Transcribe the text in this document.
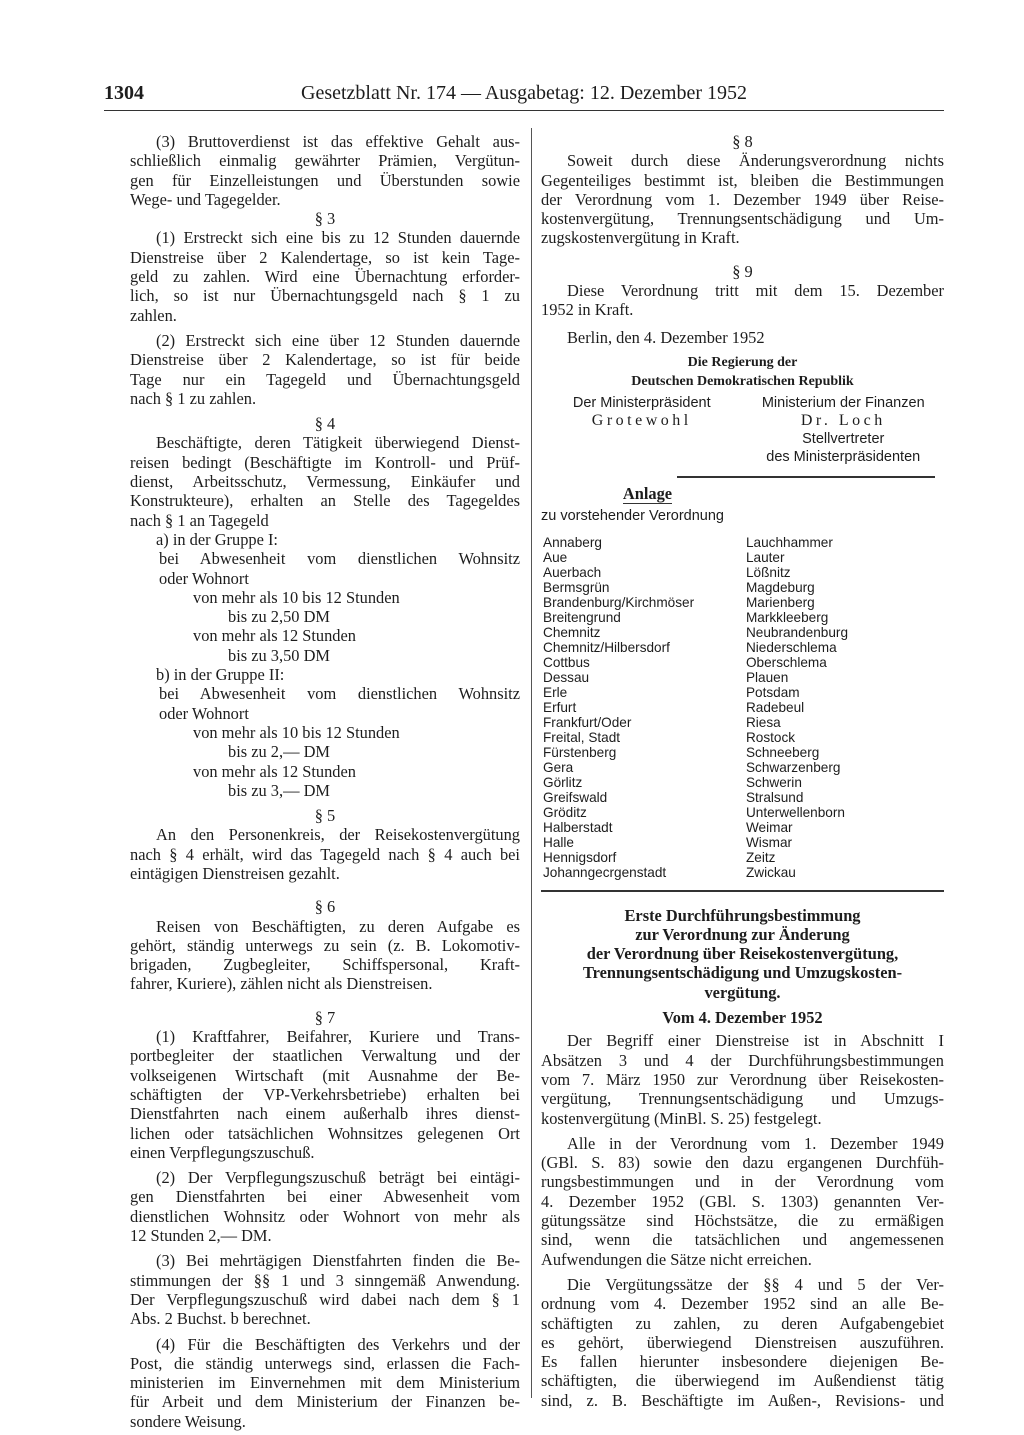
1304	Gesetzblatt Nr. 174 — Ausgabetag: 12. Dezember 1952

(3) Bruttoverdienst ist das effektive Gehalt aus-

schließlich einmalig gewährter Prämien, Vergütun-

gen für Einzelleistungen und Überstunden sowie

Wege- und Tagegelder.

§ 3

(1) Erstreckt sich eine bis zu 12 Stunden dauernde

Dienstreise über 2 Kalendertage, so ist kein Tage-

geld zu zahlen. Wird eine Übernachtung erforder-

lich, so ist nur Übernachtungsgeld nach § 1 zu

zahlen.

(2) Erstreckt sich eine über 12 Stunden dauernde

Dienstreise über 2 Kalendertage, so ist für beide

Tage nur ein Tagegeld und Übernachtungsgeld

nach § 1 zu zahlen.

§ 4

Beschäftigte, deren Tätigkeit überwiegend Dienst-

reisen bedingt (Beschäftigte im Kontroll- und Prüf-

dienst, Arbeitsschutz, Vermessung, Einkäufer und

Konstrukteure), erhalten an Stelle des Tagegeldes

nach § 1 an Tagegeld

a) in der Gruppe I:

bei Abwesenheit vom dienstlichen Wohnsitz

oder Wohnort

von mehr als 10 bis 12 Stunden

bis zu 2,50 DM

von mehr als 12 Stunden

bis zu 3,50 DM

b) in der Gruppe II:

bei Abwesenheit vom dienstlichen Wohnsitz

oder Wohnort

von mehr als 10 bis 12 Stunden

bis zu 2,— DM

von mehr als 12 Stunden

bis zu 3,— DM

§ 5

An den Personenkreis, der Reisekostenvergütung

nach § 4 erhält, wird das Tagegeld nach § 4 auch bei

eintägigen Dienstreisen gezahlt.

§ 6

Reisen von Beschäftigten, zu deren Aufgabe es

gehört, ständig unterwegs zu sein (z. B. Lokomotiv-

brigaden, Zugbegleiter, Schiffspersonal, Kraft-

fahrer, Kuriere), zählen nicht als Dienstreisen.

§ 7

(1) Kraftfahrer, Beifahrer, Kuriere und Trans-

portbegleiter der staatlichen Verwaltung und der

volkseigenen Wirtschaft (mit Ausnahme der Be-

schäftigten der VP-Verkehrsbetriebe) erhalten bei

Dienstfahrten nach einem außerhalb ihres dienst-

lichen oder tatsächlichen Wohnsitzes gelegenen Ort

einen Verpflegungszuschuß.

(2) Der Verpflegungszuschuß beträgt bei eintägi-

gen Dienstfahrten bei einer Abwesenheit vom

dienstlichen Wohnsitz oder Wohnort von mehr als

12 Stunden 2,— DM.

(3) Bei mehrtägigen Dienstfahrten finden die Be-

stimmungen der §§ 1 und 3 sinngemäß Anwendung.

Der Verpflegungszuschuß wird dabei nach dem § 1

Abs. 2 Buchst. b berechnet.

(4) Für die Beschäftigten des Verkehrs und der

Post, die ständig unterwegs sind, erlassen die Fach-

ministerien im Einvernehmen mit dem Ministerium

für Arbeit und dem Ministerium der Finanzen be-

sondere Weisung.

§ 8

Soweit durch diese Änderungsverordnung nichts

Gegenteiliges bestimmt ist, bleiben die Bestimmungen

der Verordnung vom 1. Dezember 1949 über Reise-

kostenvergütung, Trennungsentschädigung und Um-

zugskostenvergütung in Kraft.

§ 9

Diese Verordnung tritt mit dem 15. Dezember

1952 in Kraft.

Berlin, den 4. Dezember 1952

Die Regierung der
Deutschen Demokratischen Republik
Der Ministerpräsident
Grotewohl
Ministerium der Finanzen
Dr. Loch
Stellvertreter
des Ministerpräsidenten

Anlage

zu vorstehender Verordnung

Annaberg
Aue
Auerbach
Bermsgrün
Brandenburg/Kirchmöser
Breitengrund
Chemnitz
Chemnitz/Hilbersdorf
Cottbus
Dessau
Erle
Erfurt
Frankfurt/Oder
Freital, Stadt
Fürstenberg
Gera
Görlitz
Greifswald
Gröditz
Halberstadt
Halle
Hennigsdorf
Johanngecrgenstadt
Lauchhammer
Lauter
Lößnitz
Magdeburg
Marienberg
Markkleeberg
Neubrandenburg
Niederschlema
Oberschlema
Plauen
Potsdam
Radebeul
Riesa
Rostock
Schneeberg
Schwarzenberg
Schwerin
Stralsund
Unterwellenborn
Weimar
Wismar
Zeitz
Zwickau
Erste Durchführungsbestimmung
zur Verordnung zur Änderung
der Verordnung über Reisekostenvergütung,
Trennungsentschädigung und Umzugskosten-
vergütung.

Vom 4. Dezember 1952

Der Begriff einer Dienstreise ist in Abschnitt I

Absätzen 3 und 4 der Durchführungsbestimmungen

vom 7. März 1950 zur Verordnung über Reisekosten-

vergütung, Trennungsentschädigung und Umzugs-

kostenvergütung (MinBl. S. 25) festgelegt.

Alle in der Verordnung vom 1. Dezember 1949

(GBl. S. 83) sowie den dazu ergangenen Durchfüh-

rungsbestimmungen und in der Verordnung vom

4. Dezember 1952 (GBl. S. 1303) genannten Ver-

gütungssätze sind Höchstsätze, die zu ermäßigen

sind, wenn die tatsächlichen und angemessenen

Aufwendungen die Sätze nicht erreichen.

Die Vergütungssätze der §§ 4 und 5 der Ver-

ordnung vom 4. Dezember 1952 sind an alle Be-

schäftigten zu zahlen, zu deren Aufgabengebiet

es gehört, überwiegend Dienstreisen auszuführen.

Es fallen hierunter insbesondere diejenigen Be-

schäftigten, die überwiegend im Außendienst tätig

sind, z. B. Beschäftigte im Außen-, Revisions- und
